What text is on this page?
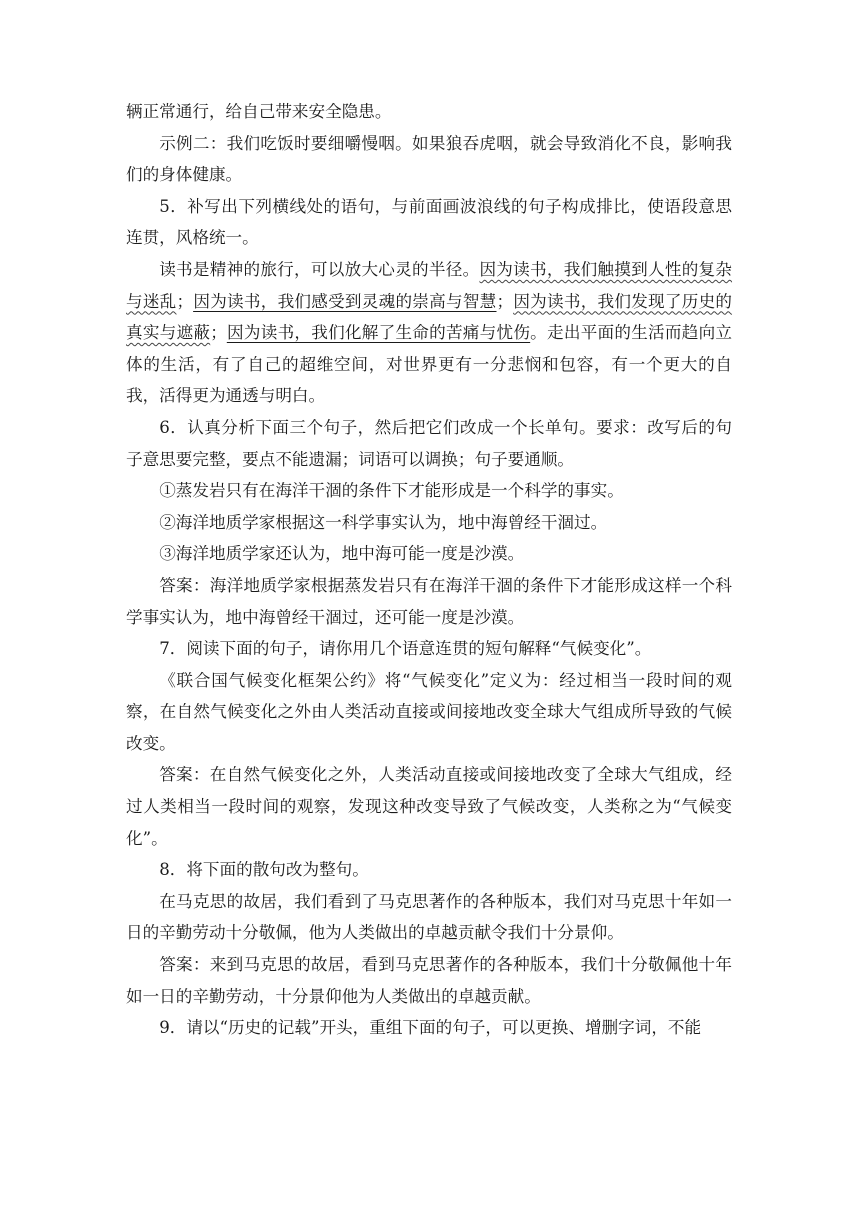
辆正常通行，给自己带来安全隐患。

示例二：我们吃饭时要细嚼慢咽。如果狼吞虎咽，就会导致消化不良，影响我们的身体健康。

5．补写出下列横线处的语句，与前面画波浪线的句子构成排比，使语段意思连贯，风格统一。

读书是精神的旅行，可以放大心灵的半径。因为读书，我们触摸到人性的复杂与迷乱；因为读书，我们感受到灵魂的崇高与智慧；因为读书，我们发现了历史的真实与遮蔽；因为读书，我们化解了生命的苦痛与忧伤。走出平面的生活而趋向立体的生活，有了自己的超维空间，对世界更有一分悲悯和包容，有一个更大的自我，活得更为通透与明白。

6．认真分析下面三个句子，然后把它们改成一个长单句。要求：改写后的句子意思要完整，要点不能遗漏；词语可以调换；句子要通顺。

①蒸发岩只有在海洋干涸的条件下才能形成是一个科学的事实。

②海洋地质学家根据这一科学事实认为，地中海曾经干涸过。

③海洋地质学家还认为，地中海可能一度是沙漠。

答案：海洋地质学家根据蒸发岩只有在海洋干涸的条件下才能形成这样一个科学事实认为，地中海曾经干涸过，还可能一度是沙漠。

7．阅读下面的句子，请你用几个语意连贯的短句解释“气候变化”。

《联合国气候变化框架公约》将“气候变化”定义为：经过相当一段时间的观察，在自然气候变化之外由人类活动直接或间接地改变全球大气组成所导致的气候改变。

答案：在自然气候变化之外，人类活动直接或间接地改变了全球大气组成，经过人类相当一段时间的观察，发现这种改变导致了气候改变，人类称之为“气候变化”。

8．将下面的散句改为整句。

在马克思的故居，我们看到了马克思著作的各种版本，我们对马克思十年如一日的辛勤劳动十分敬佩，他为人类做出的卓越贡献令我们十分景仰。

答案：来到马克思的故居，看到马克思著作的各种版本，我们十分敬佩他十年如一日的辛勤劳动，十分景仰他为人类做出的卓越贡献。

9．请以“历史的记载”开头，重组下面的句子，可以更换、增删字词，不能
